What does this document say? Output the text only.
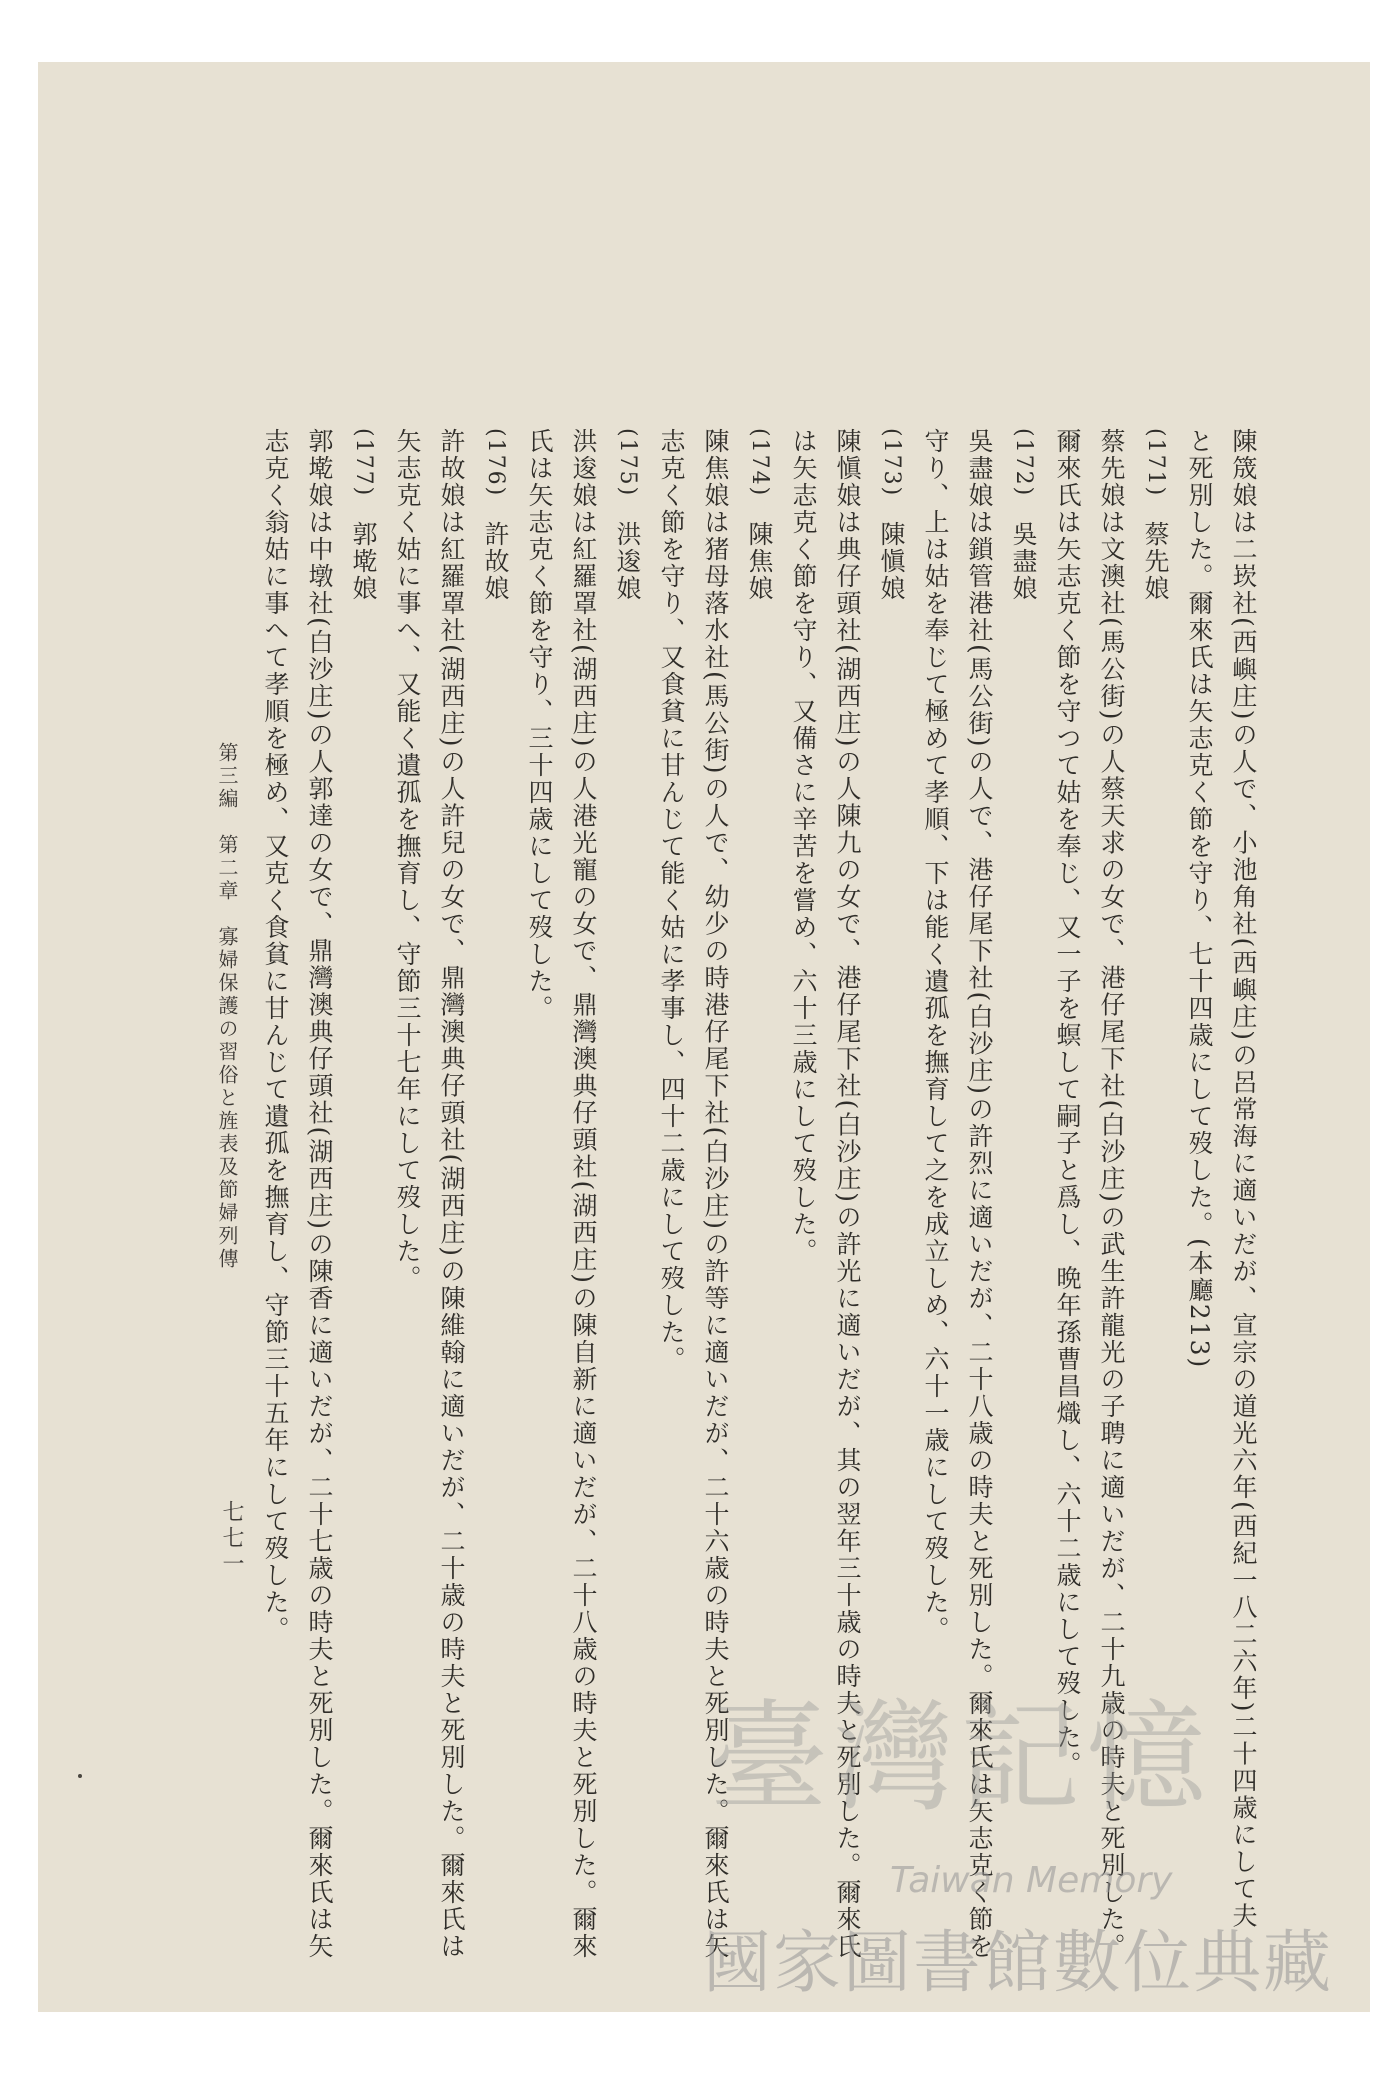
陳筬娘は二崁社(西嶼庄)の人で、小池角社(西嶼庄)の呂常海に適いだが、宣宗の道光六年(西紀一八二六年)二十四歳にして夫

と死別した。爾來氏は矢志克く節を守り、七十四歳にして歿した。(本廳213)

(171)蔡先娘

蔡先娘は文澳社(馬公街)の人蔡天求の女で、港仔尾下社(白沙庄)の武生許龍光の子聘に適いだが、二十九歳の時夫と死別した。

爾來氏は矢志克く節を守つて姑を奉じ、又一子を螟して嗣子と爲し、晩年孫曹昌熾し、六十二歳にして歿した。

(172)吳盡娘

吳盡娘は鎖管港社(馬公街)の人で、港仔尾下社(白沙庄)の許烈に適いだが、二十八歳の時夫と死別した。爾來氏は矢志克く節を

守り、上は姑を奉じて極めて孝順、下は能く遺孤を撫育して之を成立しめ、六十一歳にして歿した。

(173)陳愼娘

陳愼娘は典仔頭社(湖西庄)の人陳九の女で、港仔尾下社(白沙庄)の許光に適いだが、其の翌年三十歳の時夫と死別した。爾來氏

は矢志克く節を守り、又備さに辛苦を嘗め、六十三歳にして歿した。

(174)陳焦娘

陳焦娘は猪母落水社(馬公街)の人で、幼少の時港仔尾下社(白沙庄)の許等に適いだが、二十六歳の時夫と死別した。爾來氏は矢

志克く節を守り、又食貧に甘んじて能く姑に孝事し、四十二歳にして歿した。

(175)洪逡娘

洪逡娘は紅羅罩社(湖西庄)の人港光寵の女で、鼎灣澳典仔頭社(湖西庄)の陳自新に適いだが、二十八歳の時夫と死別した。爾來

氏は矢志克く節を守り、三十四歳にして歿した。

(176)許故娘

許故娘は紅羅罩社(湖西庄)の人許兒の女で、鼎灣澳典仔頭社(湖西庄)の陳維翰に適いだが、二十歳の時夫と死別した。爾來氏は

矢志克く姑に事へ、又能く遺孤を撫育し、守節三十七年にして歿した。

(177)郭墘娘

郭墘娘は中墩社(白沙庄)の人郭達の女で、鼎灣澳典仔頭社(湖西庄)の陳香に適いだが、二十七歳の時夫と死別した。爾來氏は矢

志克く翁姑に事へて孝順を極め、又克く食貧に甘んじて遺孤を撫育し、守節三十五年にして歿した。

第三編　第二章　寡婦保護の習俗と旌表及節婦列傳
七七一
臺灣記憶
Taiwan Memory
國家圖書館數位典藏
